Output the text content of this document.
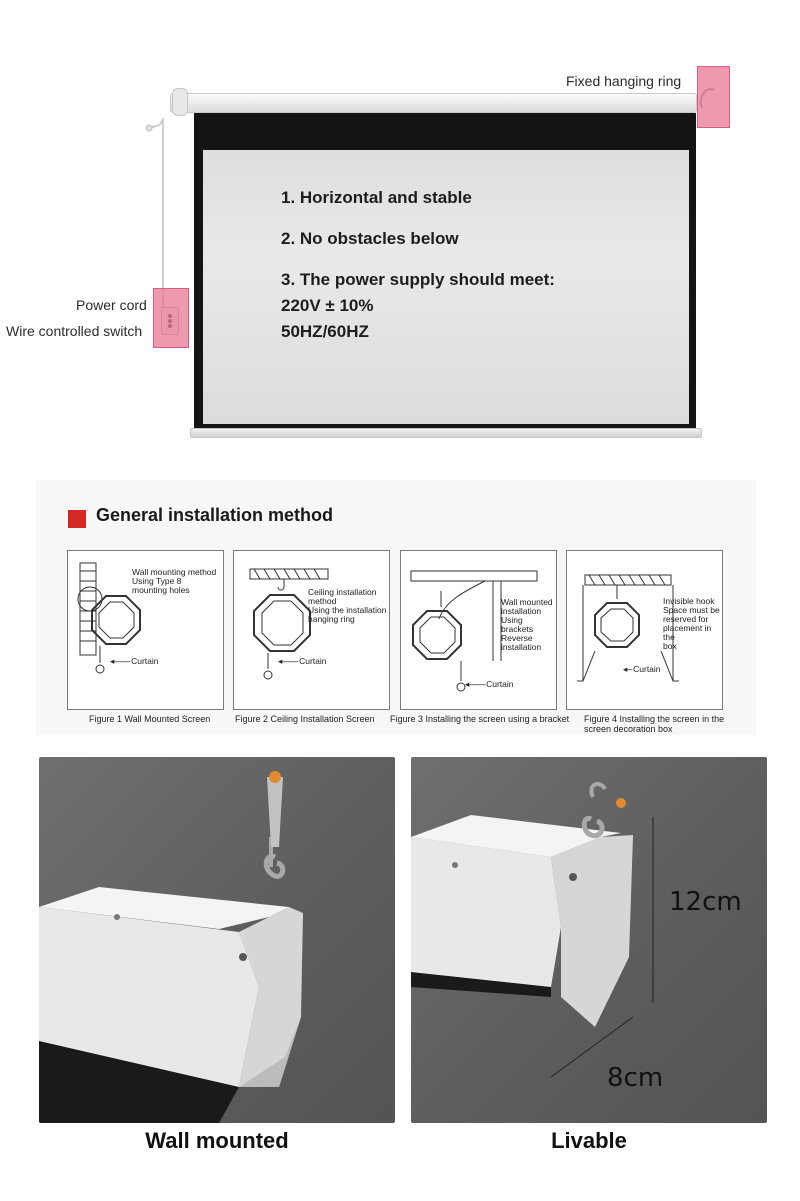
Fixed hanging ring
Power cord
Wire controlled switch
1. Horizontal and stable
2. No obstacles below
3. The power supply should meet:
220V ± 10%
50HZ/60HZ
General installation method
Wall mounting method
Using Type 8
mounting holes
◂--------- Curtain
Ceiling installation
method
Using the installation
hanging ring
◂--------- Curtain
Wall mounted
installation
Using brackets
Reverse
installation
◂--------- Curtain
Invisible hook
Space must be
reserved for
placement in the
box
◂--- Curtain
Figure 1 Wall Mounted Screen	Figure 2 Ceiling Installation Screen Figure 3 Installing the screen using a bracket Figure 4 Installing the screen in the
screen decoration box
Wall mounted
12cm
8cm
Livable
